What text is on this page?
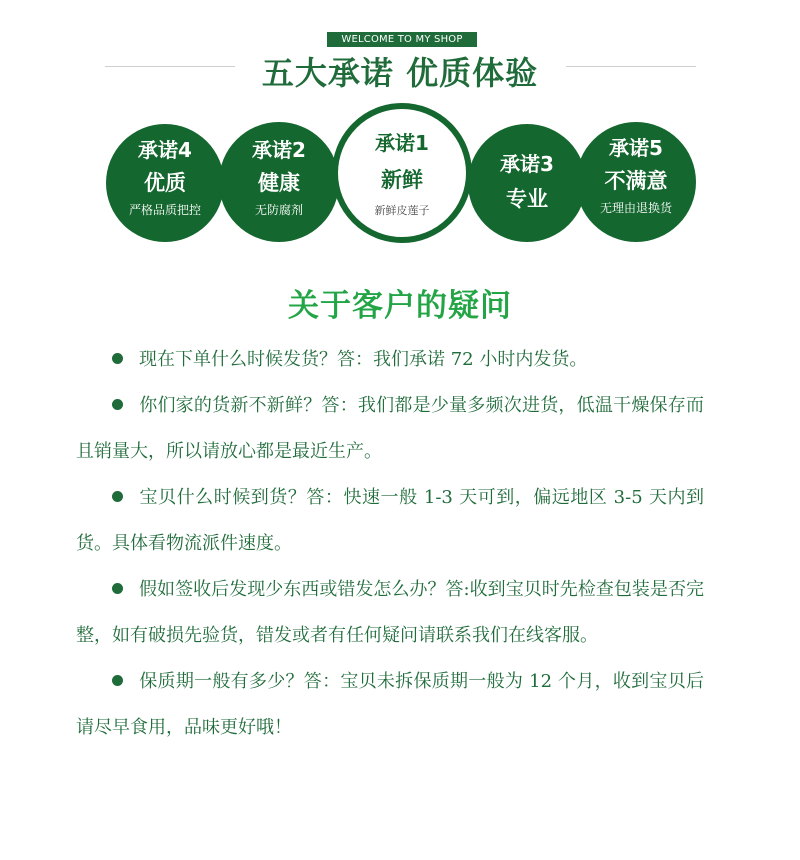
WELCOME TO MY SHOP
五大承诺 优质体验
承诺4
优质
严格品质把控
承诺2
健康
无防腐剂
承诺3
专业
承诺5
不满意
无理由退换货
承诺1
新鲜
新鲜皮莲子
关于客户的疑问

现在下单什么时候发货？答：我们承诺 72 小时内发货。

你们家的货新不新鲜？答：我们都是少量多频次进货，低温干燥保存而且销量大，所以请放心都是最近生产。

宝贝什么时候到货？答：快速一般 1-3 天可到，偏远地区 3-5 天内到货。具体看物流派件速度。

假如签收后发现少东西或错发怎么办？答:收到宝贝时先检查包装是否完整，如有破损先验货，错发或者有任何疑问请联系我们在线客服。

保质期一般有多少？答：宝贝未拆保质期一般为 12 个月，收到宝贝后请尽早食用，品味更好哦！
